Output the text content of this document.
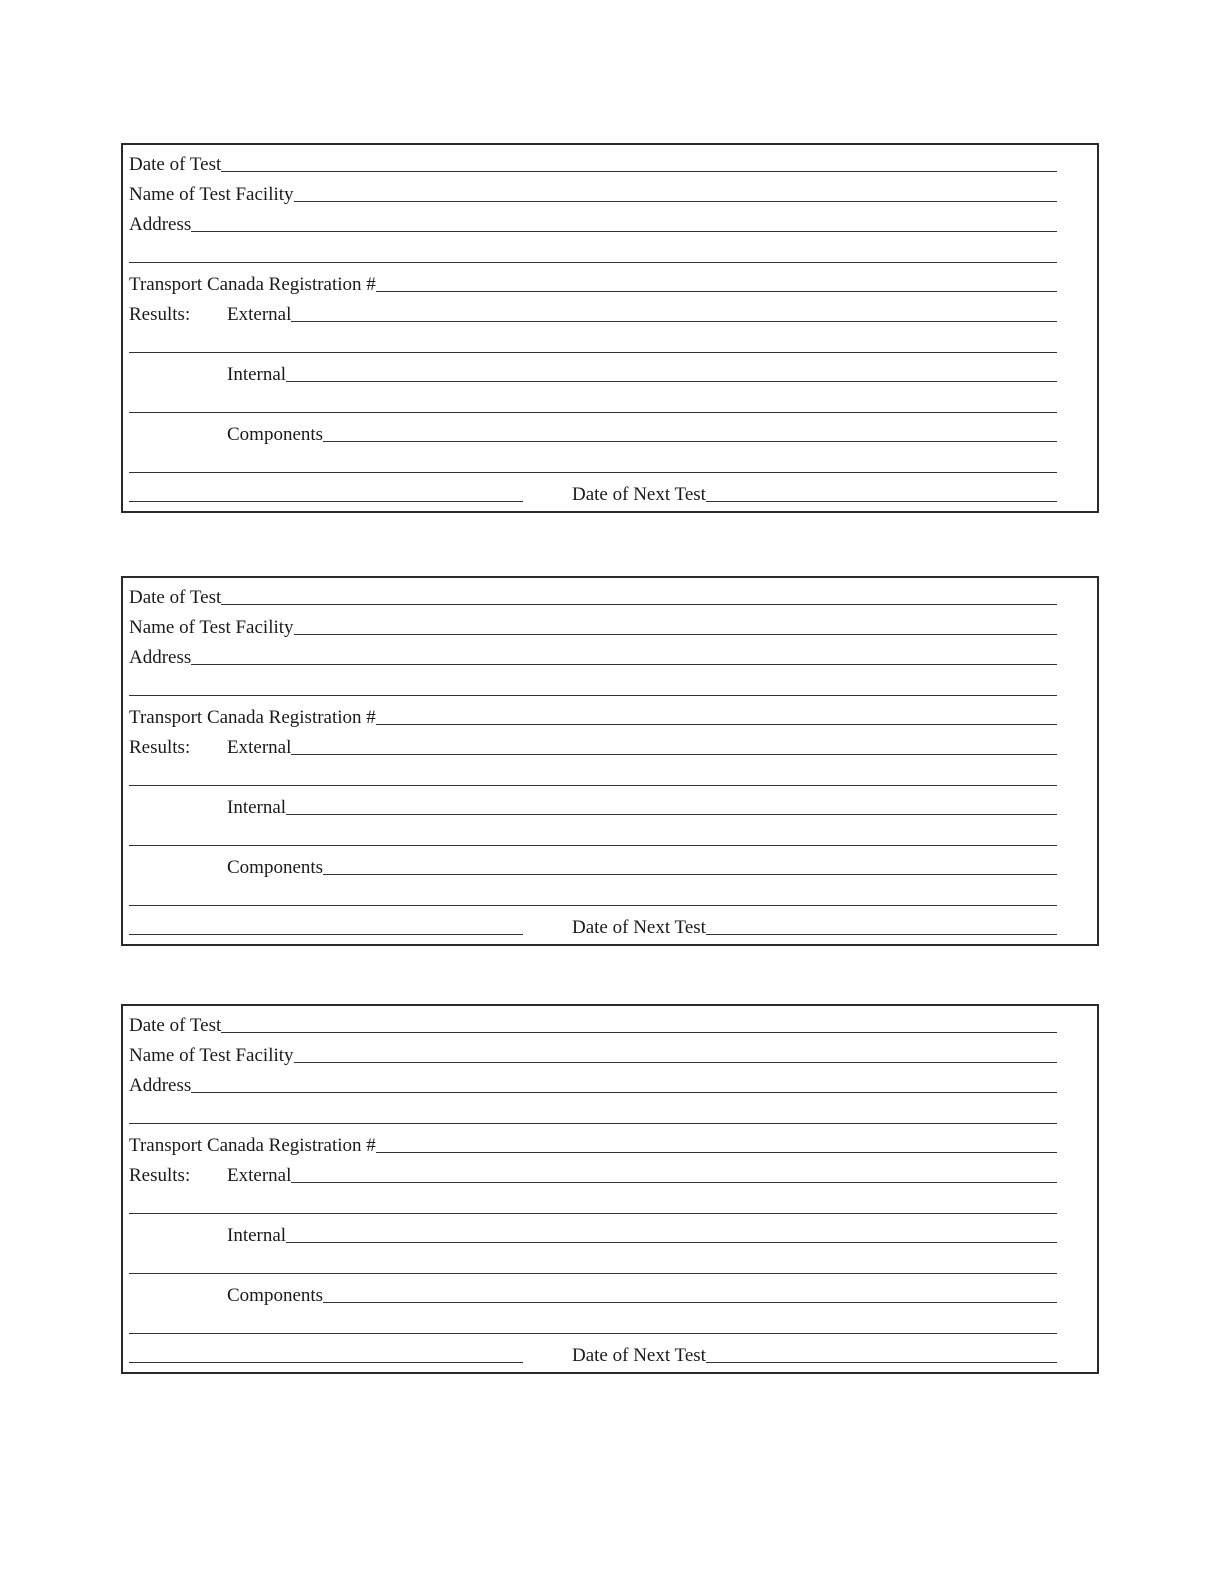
Date of Test
Name of Test Facility
Address
Transport Canada Registration #
Results:	External
Internal
Components
Date of Next Test
Date of Test
Name of Test Facility
Address
Transport Canada Registration #
Results:	External
Internal
Components
Date of Next Test
Date of Test
Name of Test Facility
Address
Transport Canada Registration #
Results:	External
Internal
Components
Date of Next Test
